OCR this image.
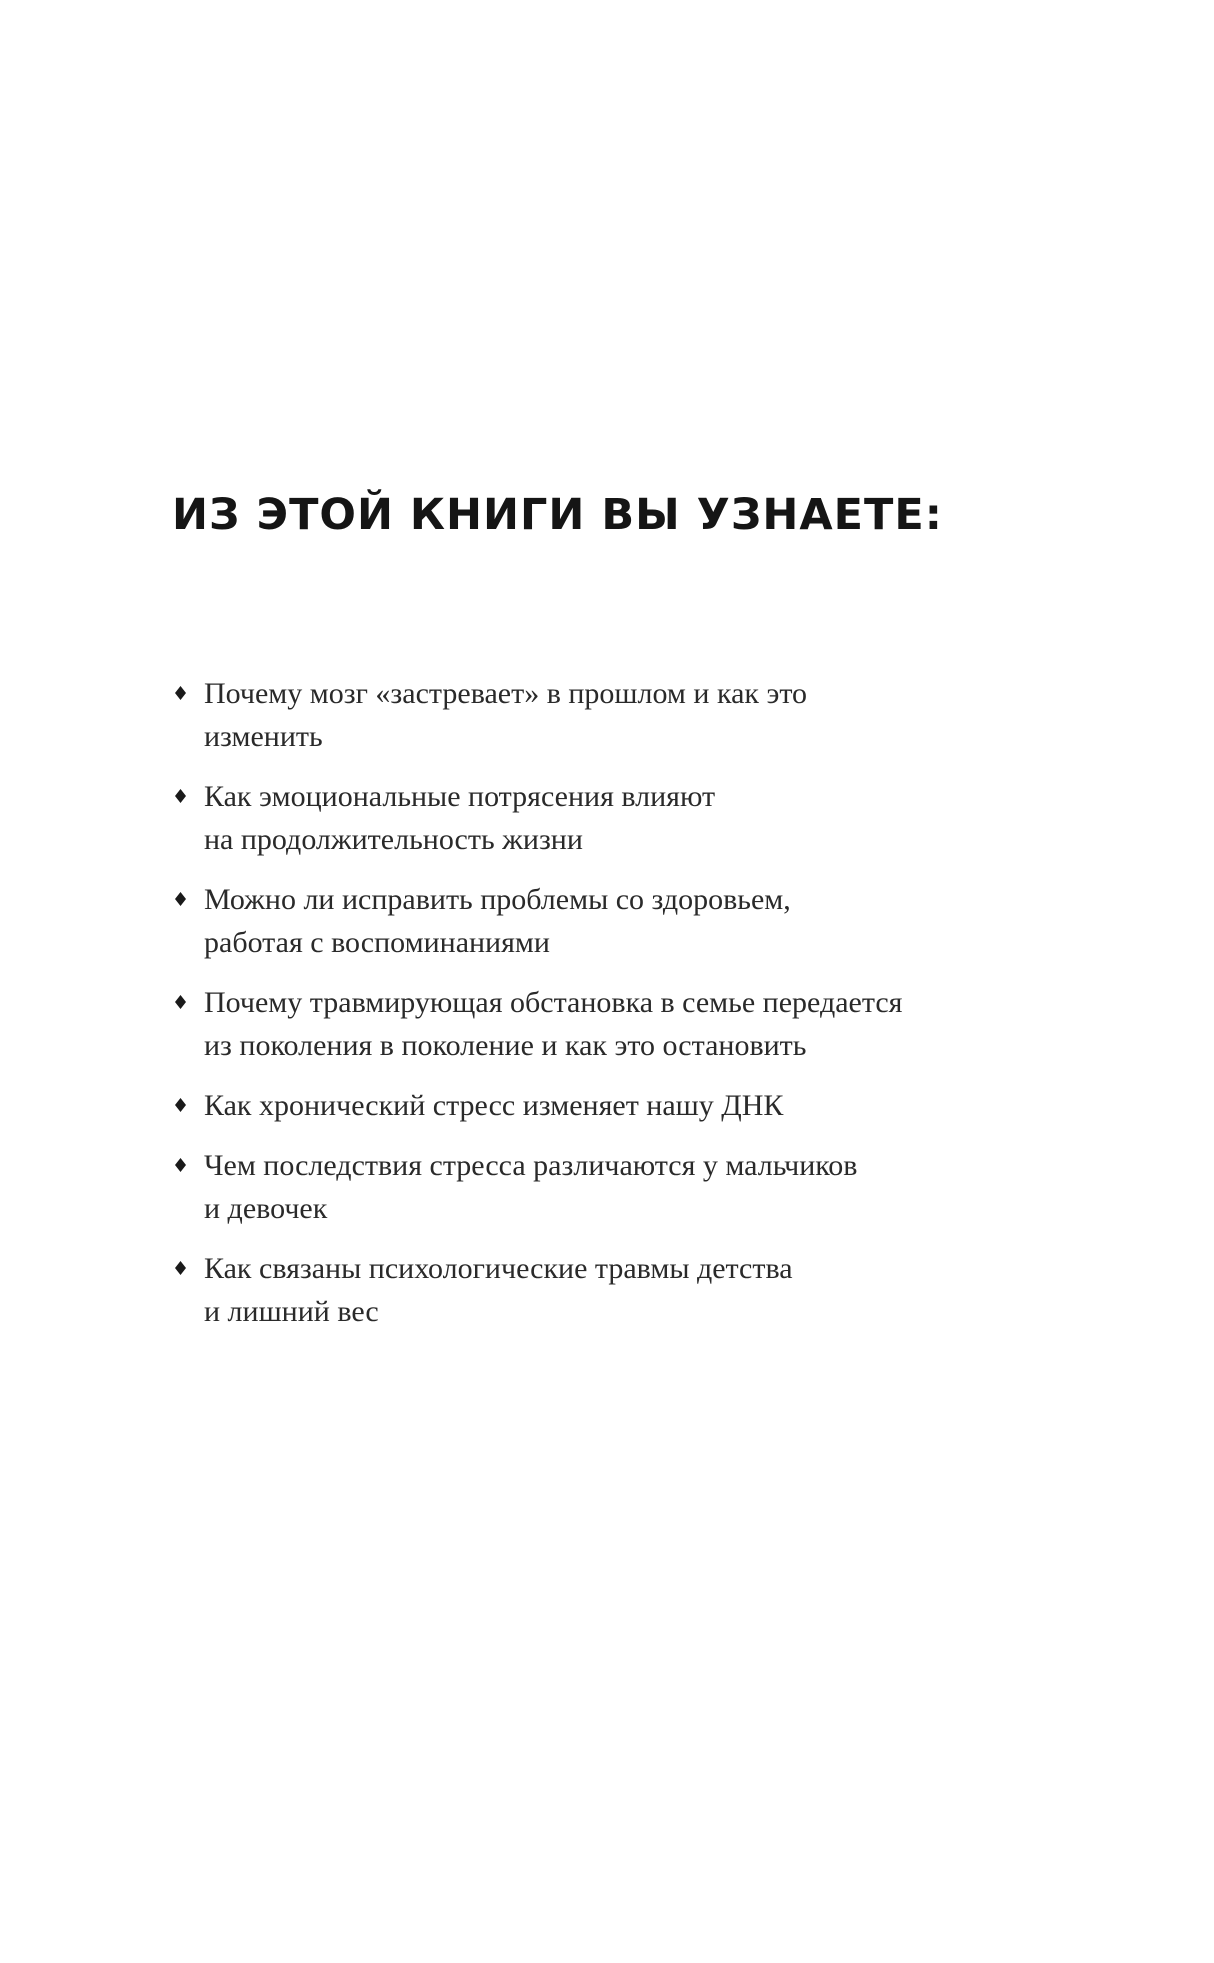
ИЗ ЭТОЙ КНИГИ ВЫ УЗНАЕТЕ:
Почему мозг «застревает» в прошлом и как это
изменить
Как эмоциональные потрясения влияют
на продолжительность жизни
Можно ли исправить проблемы со здоровьем,
работая с воспоминаниями
Почему травмирующая обстановка в семье передается
из поколения в поколение и как это остановить
Как хронический стресс изменяет нашу ДНК
Чем последствия стресса различаются у мальчиков
и девочек
Как связаны психологические травмы детства
и лишний вес
